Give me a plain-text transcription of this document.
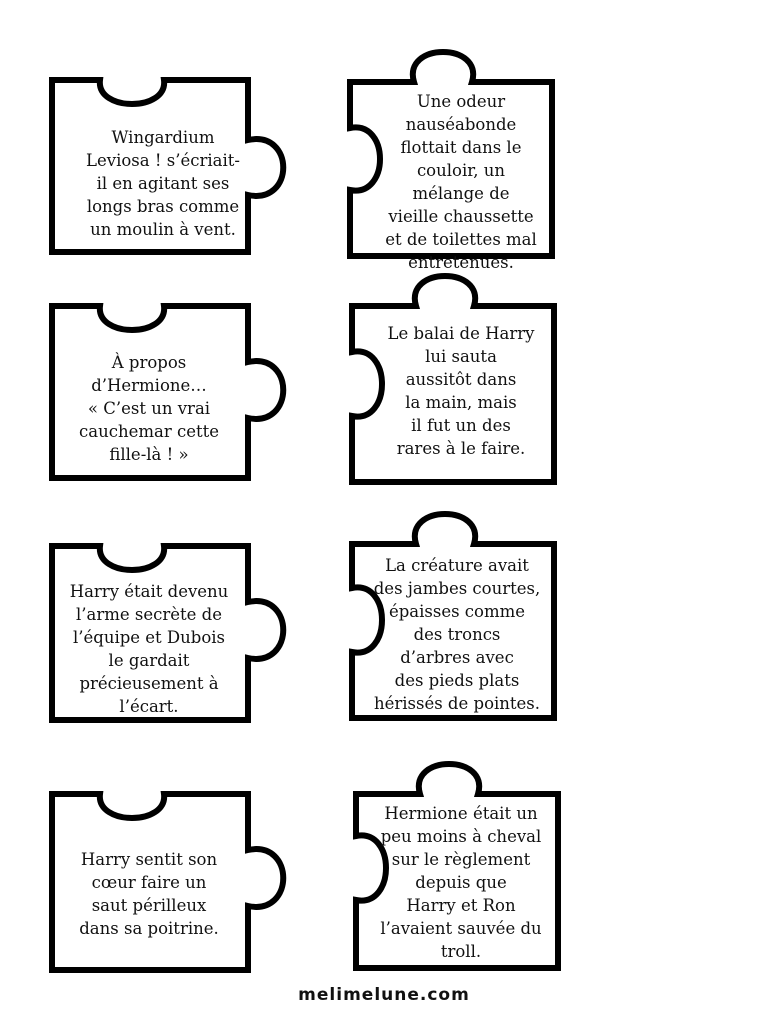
Wingardium
Leviosa ! s’écriait-
il en agitant ses
longs bras comme
un moulin à vent.
Une odeur
nauséabonde
flottait dans le
couloir, un
mélange de
vieille chaussette
et de toilettes mal
entretenues.
À propos
d’Hermione…
« C’est un vrai
cauchemar cette
fille-là ! »
Le balai de Harry
lui sauta
aussitôt dans
la main, mais
il fut un des
rares à le faire.
Harry était devenu
l’arme secrète de
l’équipe et Dubois
le gardait
précieusement à
l’écart.
La créature avait
des jambes courtes,
épaisses comme
des troncs
d’arbres avec
des pieds plats
hérissés de pointes.
Harry sentit son
cœur faire un
saut périlleux
dans sa poitrine.
Hermione était un
peu moins à cheval
sur le règlement
depuis que
Harry et Ron
l’avaient sauvée du
troll.
melimelune.com
